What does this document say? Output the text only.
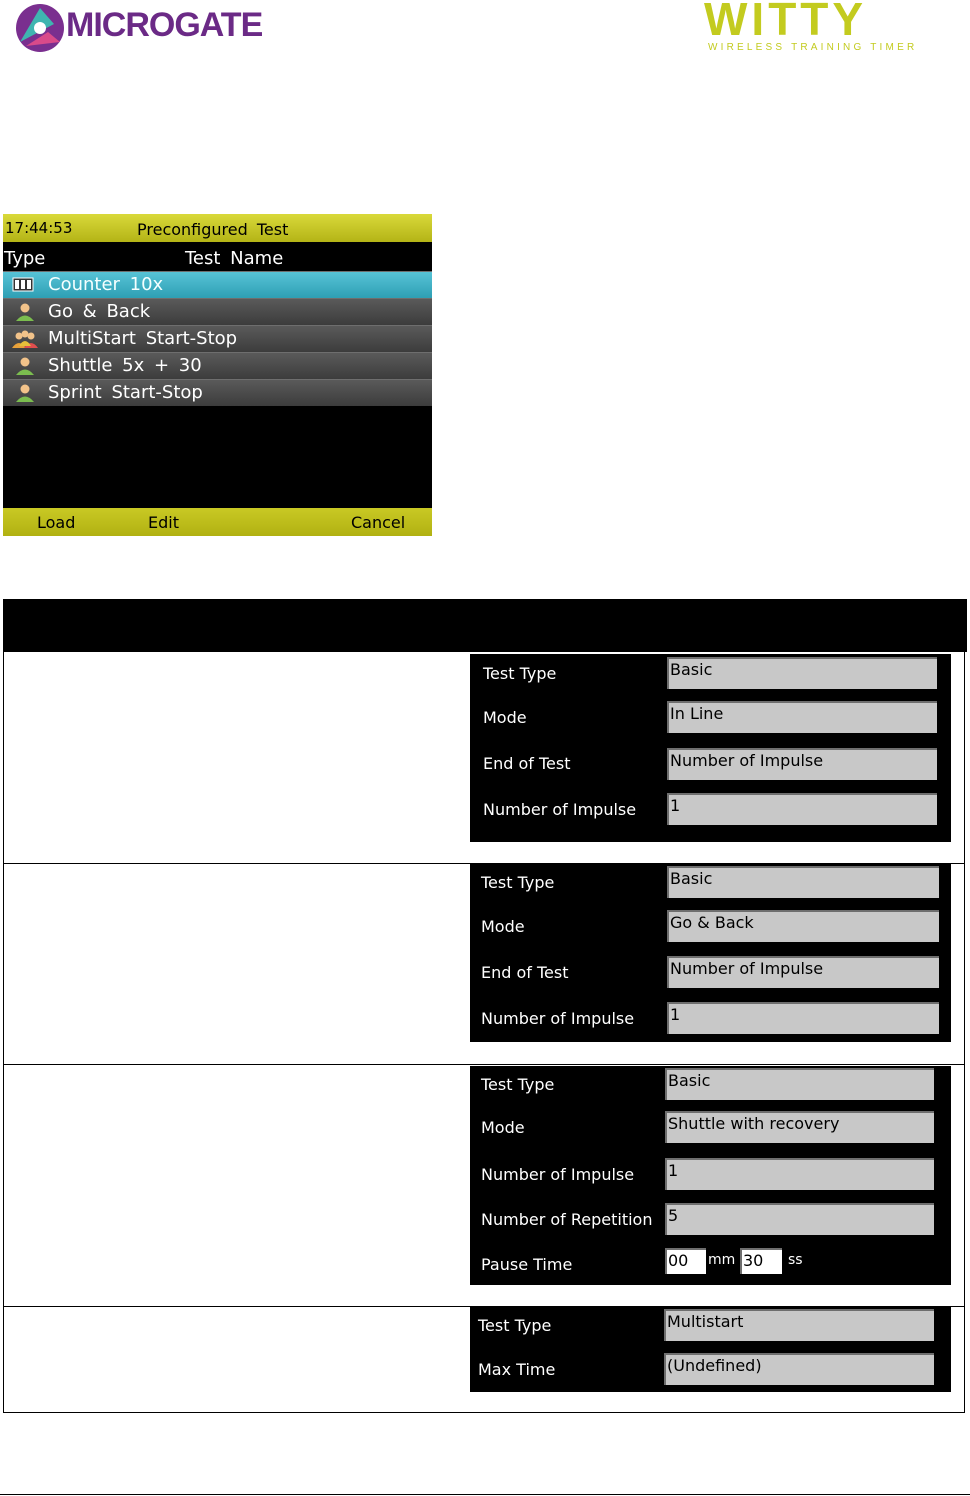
MICROGATE	WITTY
WIRELESS TRAINING TIMER
17:44:53	Preconfigured Test
Type	Test Name
Counter 10x
Go & Back
MultiStart Start-Stop
Shuttle 5x + 30
Sprint Start-Stop
Load	Edit	Cancel
Test Type	Basic
Mode	In Line
End of Test	Number of Impulse
Number of Impulse 1
Test Type	Basic
Mode	Go & Back
End of Test	Number of Impulse
Number of Impulse 1
Test Type	Basic
Mode	Shuttle with recovery
Number of Impulse 1
Number of Repetition 5
Pause Time	00	mm 30	ss
Test Type	Multistart
Max Time	(Undefined)
